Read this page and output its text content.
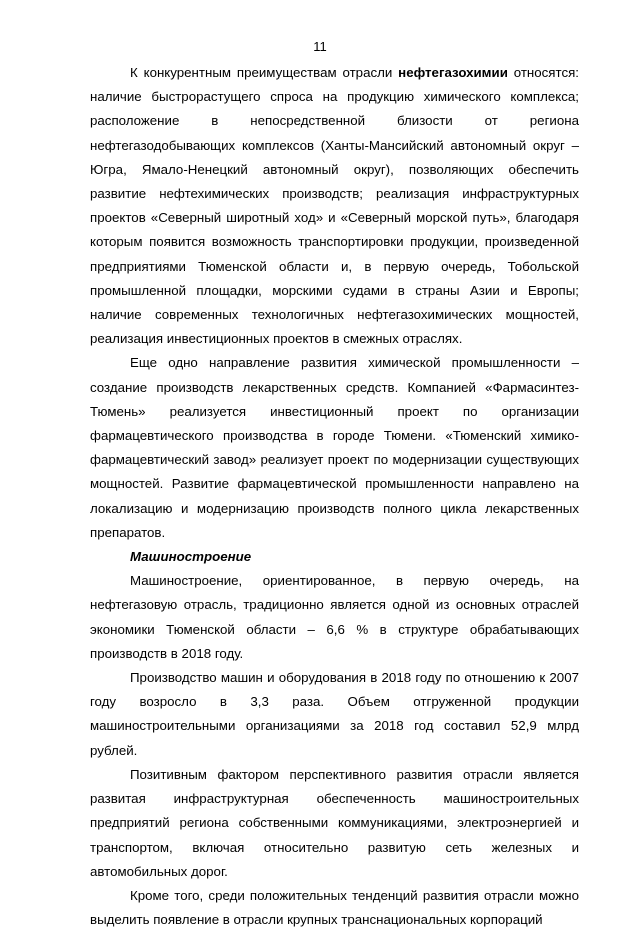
11

К конкурентным преимуществам отрасли нефтегазохимии относятся: наличие быстрорастущего спроса на продукцию химического комплекса; расположение в непосредственной близости от региона нефтегазодобывающих комплексов (Ханты-Мансийский автономный округ – Югра, Ямало-Ненецкий автономный округ), позволяющих обеспечить развитие нефтехимических производств; реализация инфраструктурных проектов «Северный широтный ход» и «Северный морской путь», благодаря которым появится возможность транспортировки продукции, произведенной предприятиями Тюменской области и, в первую очередь, Тобольской промышленной площадки, морскими судами в страны Азии и Европы; наличие современных технологичных нефтегазохимических мощностей, реализация инвестиционных проектов в смежных отраслях.

Еще одно направление развития химической промышленности – создание производств лекарственных средств. Компанией «Фармасинтез-Тюмень» реализуется инвестиционный проект по организации фармацевтического производства в городе Тюмени. «Тюменский химико-фармацевтический завод» реализует проект по модернизации существующих мощностей. Развитие фармацевтической промышленности направлено на локализацию и модернизацию производств полного цикла лекарственных препаратов.

Машиностроение

Машиностроение, ориентированное, в первую очередь, на нефтегазовую отрасль, традиционно является одной из основных отраслей экономики Тюменской области – 6,6 % в структуре обрабатывающих производств в 2018 году.

Производство машин и оборудования в 2018 году по отношению к 2007 году возросло в 3,3 раза. Объем отгруженной продукции машиностроительными организациями за 2018 год составил 52,9 млрд рублей.

Позитивным фактором перспективного развития отрасли является развитая инфраструктурная обеспеченность машиностроительных предприятий региона собственными коммуникациями, электроэнергией и транспортом, включая относительно развитую сеть железных и автомобильных дорог.

Кроме того, среди положительных тенденций развития отрасли можно выделить появление в отрасли крупных транснациональных корпораций
